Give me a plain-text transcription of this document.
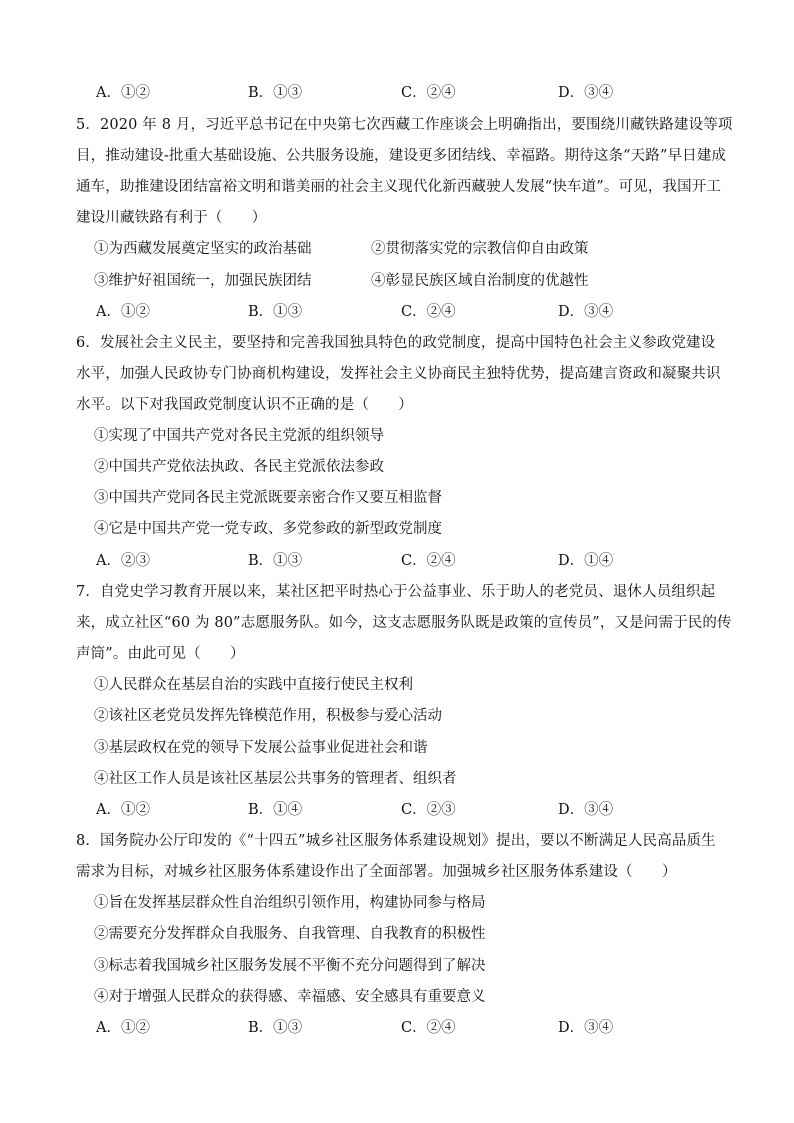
A．①②	B．①③	C．②④	D．③④
5．2020 年 8 月，习近平总书记在中央第七次西藏工作座谈会上明确指出，要围绕川藏铁路建设等项
目，推动建设-批重大基础设施、公共服务设施，建设更多团结线、幸福路。期待这条“天路”早日建成
通车，助推建设团结富裕文明和谐美丽的社会主义现代化新西藏驶人发展“快车道”。可见，我国开工
建设川藏铁路有利于（　　）
①为西藏发展奠定坚实的政治基础	②贯彻落实党的宗教信仰自由政策
③维护好祖国统一，加强民族团结	④彰显民族区域自治制度的优越性
A．①②	B．①③	C．②④	D．③④
6．发展社会主义民主，要坚持和完善我国独具特色的政党制度，提高中国特色社会主义参政党建设
水平，加强人民政协专门协商机构建设，发挥社会主义协商民主独特优势，提高建言资政和凝聚共识
水平。以下对我国政党制度认识不正确的是（　　）
①实现了中国共产党对各民主党派的组织领导
②中国共产党依法执政、各民主党派依法参政
③中国共产党同各民主党派既要亲密合作又要互相监督
④它是中国共产党一党专政、多党参政的新型政党制度
A．②③	B．①③	C．②④	D．①④
7．自党史学习教育开展以来，某社区把平时热心于公益事业、乐于助人的老党员、退休人员组织起
来，成立社区“60 为 80”志愿服务队。如今，这支志愿服务队既是政策的宣传员”，又是问需于民的传
声筒”。由此可见（　　）
①人民群众在基层自治的实践中直接行使民主权利
②该社区老党员发挥先锋模范作用，积极参与爱心活动
③基层政权在党的领导下发展公益事业促进社会和谐
④社区工作人员是该社区基层公共事务的管理者、组织者
A．①②	B．①④	C．②③	D．③④
8．国务院办公厅印发的《“十四五”城乡社区服务体系建设规划》提出，要以不断满足人民高品质生
需求为目标，对城乡社区服务体系建设作出了全面部署。加强城乡社区服务体系建设（　　）
①旨在发挥基层群众性自治组织引领作用，构建协同参与格局
②需要充分发挥群众自我服务、自我管理、自我教育的积极性
③标志着我国城乡社区服务发展不平衡不充分问题得到了解决
④对于增强人民群众的获得感、幸福感、安全感具有重要意义
A．①②	B．①③	C．②④	D．③④
